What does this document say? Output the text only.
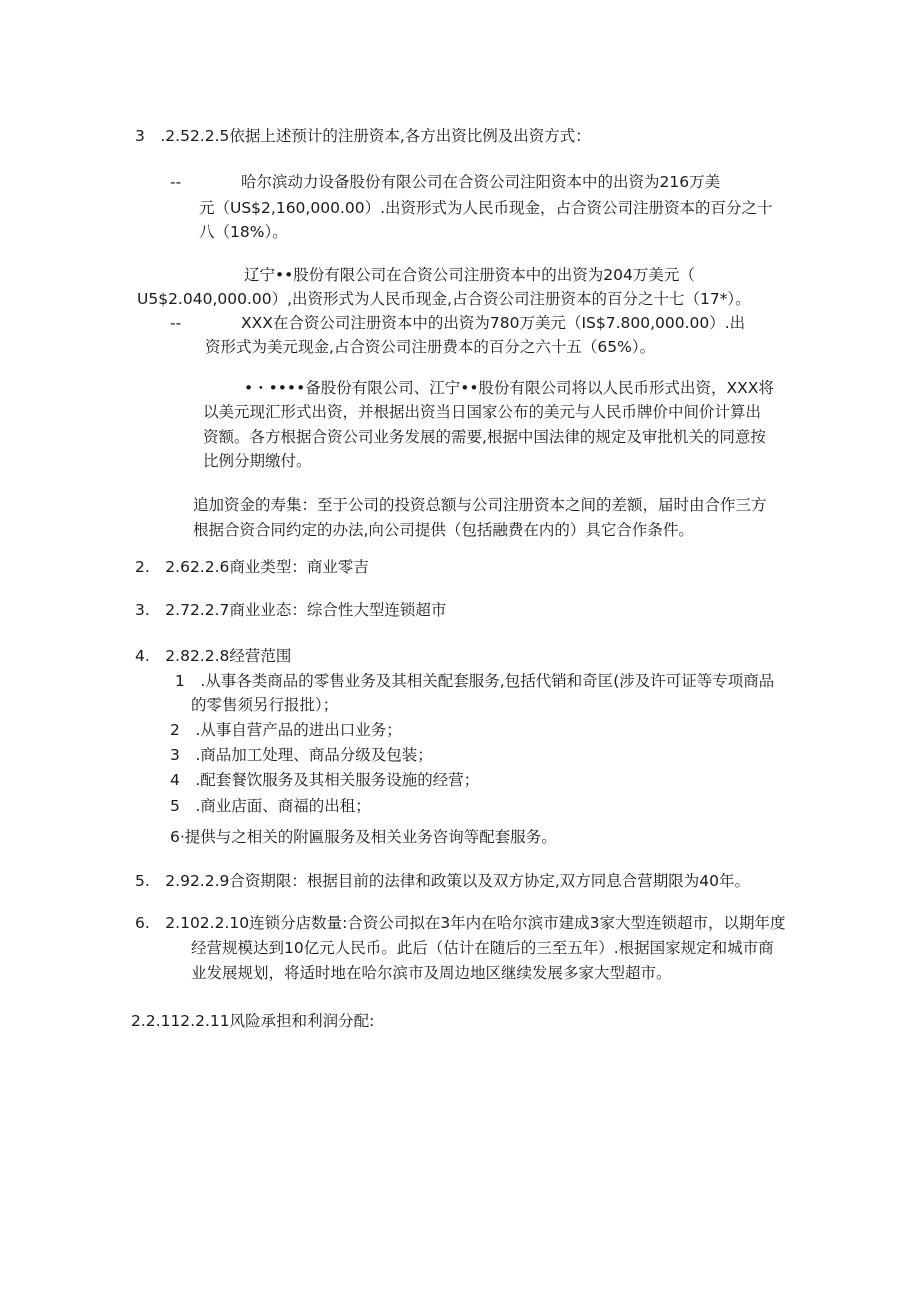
3　.2.52.2.5依据上述预计的注册资本,各方出资比例及出资方式：
--	哈尔滨动力设备股份有限公司在合资公司注阳资本中的出资为216万美
元（US$2,160,000.00）.出资形式为人民币现金，占合资公司注册资本的百分之十
八（18%）。
辽宁••股份有限公司在合资公司注册资本中的出资为204万美元（
U5$2.040,000.00）,出资形式为人民币现金,占合资公司注册资本的百分之十七（17*）。
--	XXX在合资公司注册资本中的出资为780万美元（IS$7.800,000.00）.出
资形式为美元现金,占合资公司注册费本的百分之六十五（65%）。
•・••••备股份有限公司、江宁••股份有限公司将以人民币形式出资，XXX将
以美元现汇形式出资，并根据出资当日国家公布的美元与人民币牌价中间价计算出
资额。各方根据合资公司业务发展的需要,根据中国法律的规定及审批机关的同意按
比例分期缴付。
追加资金的寿集：至于公司的投资总额与公司注册资本之间的差额，届时由合作三方
根据合资合同约定的办法,向公司提供（包括融费在内的）具它合作条件。
2.　2.62.2.6商业类型：商业零吉
3.　2.72.2.7商业业态：综合性大型连锁超市
4.　2.82.2.8经营范围
1　.从事各类商品的零售业务及其相关配套服务,包括代销和奇匡(涉及许可证等专项商品
的零售须另行报批）；
2　.从事自营产品的进出口业务；
3　.商品加工处理、商品分级及包装；
4　.配套餐饮服务及其相关服务设施的经营；
5　.商业店面、商福的出租；
6·提供与之相关的附匾服务及相关业务咨询等配套服务。
5.　2.92.2.9合资期限：根据目前的法律和政策以及双方协定,双方同息合营期限为40年。
6.　2.102.2.10连锁分店数量:合资公司拟在3年内在哈尔滨市建成3家大型连锁超市，以期年度
经营规模达到10亿元人民币。此后（估计在随后的三至五年）.根据国家规定和城市商
业发展规划，将适时地在哈尔滨市及周边地区继续发展多家大型超市。
2.2.112.2.11风险承担和利润分配:
